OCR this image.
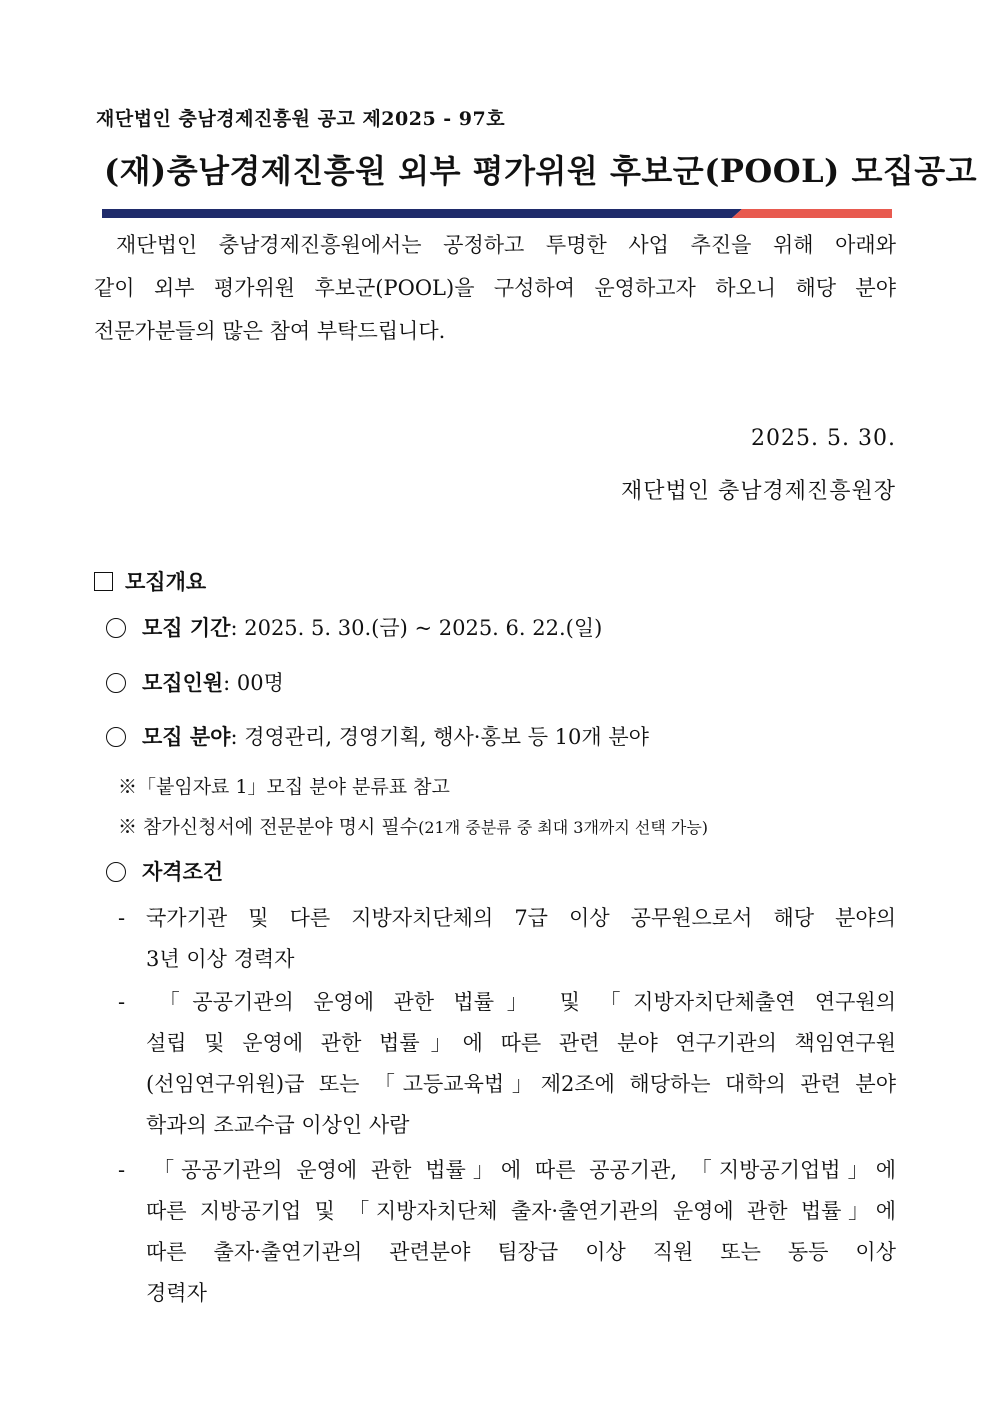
재단법인 충남경제진흥원 공고 제2025 - 97호
(재)충남경제진흥원 외부 평가위원 후보군(POOL) 모집공고
재단법인 충남경제진흥원에서는 공정하고 투명한 사업 추진을 위해 아래와
같이 외부 평가위원 후보군(POOL)을 구성하여 운영하고자 하오니 해당 분야
전문가분들의 많은 참여 부탁드립니다.
2025. 5. 30.
재단법인 충남경제진흥원장
모집개요
모집 기간: 2025. 5. 30.(금) ~ 2025. 6. 22.(일)
모집인원: 00명
모집 분야: 경영관리, 경영기획, 행사·홍보 등 10개 분야
※「붙임자료 1」모집 분야 분류표 참고
※ 참가신청서에 전문분야 명시 필수(21개 중분류 중 최대 3개까지 선택 가능)
자격조건
- 국가기관 및 다른 지방자치단체의 7급 이상 공무원으로서 해당 분야의
3년 이상 경력자
- 「공공기관의 운영에 관한 법률」 및 「지방자치단체출연 연구원의
설립 및 운영에 관한 법률」에 따른 관련 분야 연구기관의 책임연구원
(선임연구위원)급 또는 「고등교육법」제2조에 해당하는 대학의 관련 분야
학과의 조교수급 이상인 사람
- 「공공기관의 운영에 관한 법률」에 따른 공공기관, 「지방공기업법」에
따른 지방공기업 및 「지방자치단체 출자·출연기관의 운영에 관한 법률」에
따른 출자·출연기관의 관련분야 팀장급 이상 직원 또는 동등 이상
경력자
